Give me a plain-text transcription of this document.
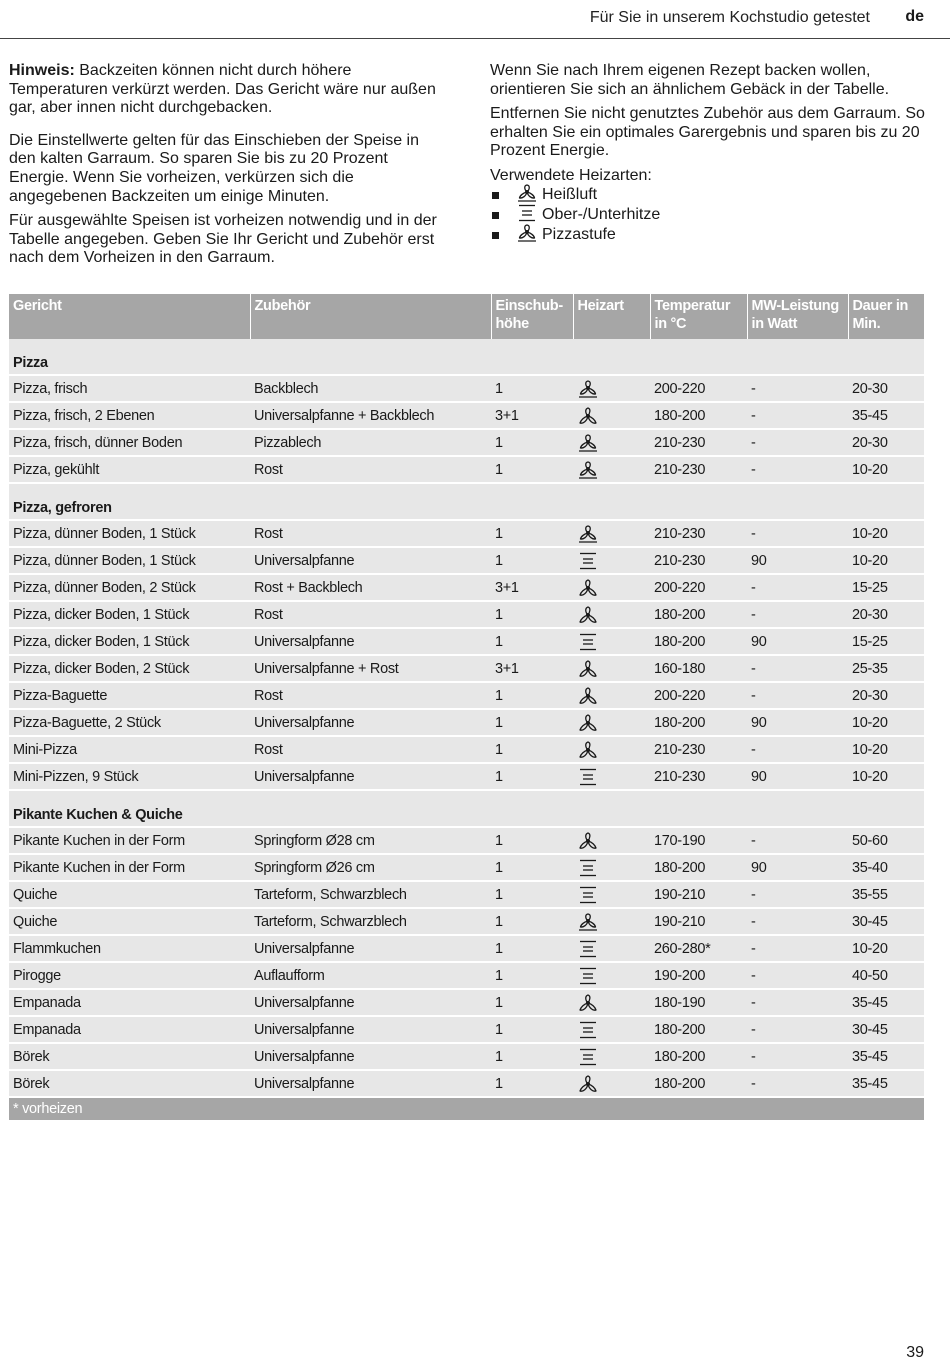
Für Sie in unserem Kochstudio getestet de

Hinweis: Backzeiten können nicht durch höhere Temperaturen verkürzt werden. Das Gericht wäre nur außen gar, aber innen nicht durchgebacken.

Die Einstellwerte gelten für das Einschieben der Speise in den kalten Garraum. So sparen Sie bis zu 20 Prozent Energie. Wenn Sie vorheizen, verkürzen sich die angegebenen Backzeiten um einige Minuten.

Für ausgewählte Speisen ist vorheizen notwendig und in der Tabelle angegeben. Geben Sie Ihr Gericht und Zubehör erst nach dem Vorheizen in den Garraum.

Wenn Sie nach Ihrem eigenen Rezept backen wollen, orientieren Sie sich an ähnlichem Gebäck in der Tabelle.

Entfernen Sie nicht genutztes Zubehör aus dem Garraum. So erhalten Sie ein optimales Garergebnis und sparen bis zu 20 Prozent Energie.

Verwendete Heizarten:
Heißluft
Ober-/Unterhitze
Pizzastufe
Gericht	Zubehör	Einschub-höhe	Heizart	Temperatur in °C	MW-Leistung in Watt	Dauer in Min.
Pizza						
Pizza, frisch	Backblech	1		200-220	-	20-30
Pizza, frisch, 2 Ebenen	Universalpfanne + Backblech	3+1		180-200	-	35-45
Pizza, frisch, dünner Boden	Pizzablech	1		210-230	-	20-30
Pizza, gekühlt	Rost	1		210-230	-	10-20
Pizza, gefroren						
Pizza, dünner Boden, 1 Stück	Rost	1		210-230	-	10-20
Pizza, dünner Boden, 1 Stück	Universalpfanne	1		210-230	90	10-20
Pizza, dünner Boden, 2 Stück	Rost + Backblech	3+1		200-220	-	15-25
Pizza, dicker Boden, 1 Stück	Rost	1		180-200	-	20-30
Pizza, dicker Boden, 1 Stück	Universalpfanne	1		180-200	90	15-25
Pizza, dicker Boden, 2 Stück	Universalpfanne + Rost	3+1		160-180	-	25-35
Pizza-Baguette	Rost	1		200-220	-	20-30
Pizza-Baguette, 2 Stück	Universalpfanne	1		180-200	90	10-20
Mini-Pizza	Rost	1		210-230	-	10-20
Mini-Pizzen, 9 Stück	Universalpfanne	1		210-230	90	10-20
Pikante Kuchen & Quiche						
Pikante Kuchen in der Form	Springform Ø28 cm	1		170-190	-	50-60
Pikante Kuchen in der Form	Springform Ø26 cm	1		180-200	90	35-40
Quiche	Tarteform, Schwarzblech	1		190-210	-	35-55
Quiche	Tarteform, Schwarzblech	1		190-210	-	30-45
Flammkuchen	Universalpfanne	1		260-280*	-	10-20
Pirogge	Auflaufform	1		190-200	-	40-50
Empanada	Universalpfanne	1		180-190	-	35-45
Empanada	Universalpfanne	1		180-200	-	30-45
Börek	Universalpfanne	1		180-200	-	35-45
Börek	Universalpfanne	1		180-200	-	35-45
* vorheizen						
39
